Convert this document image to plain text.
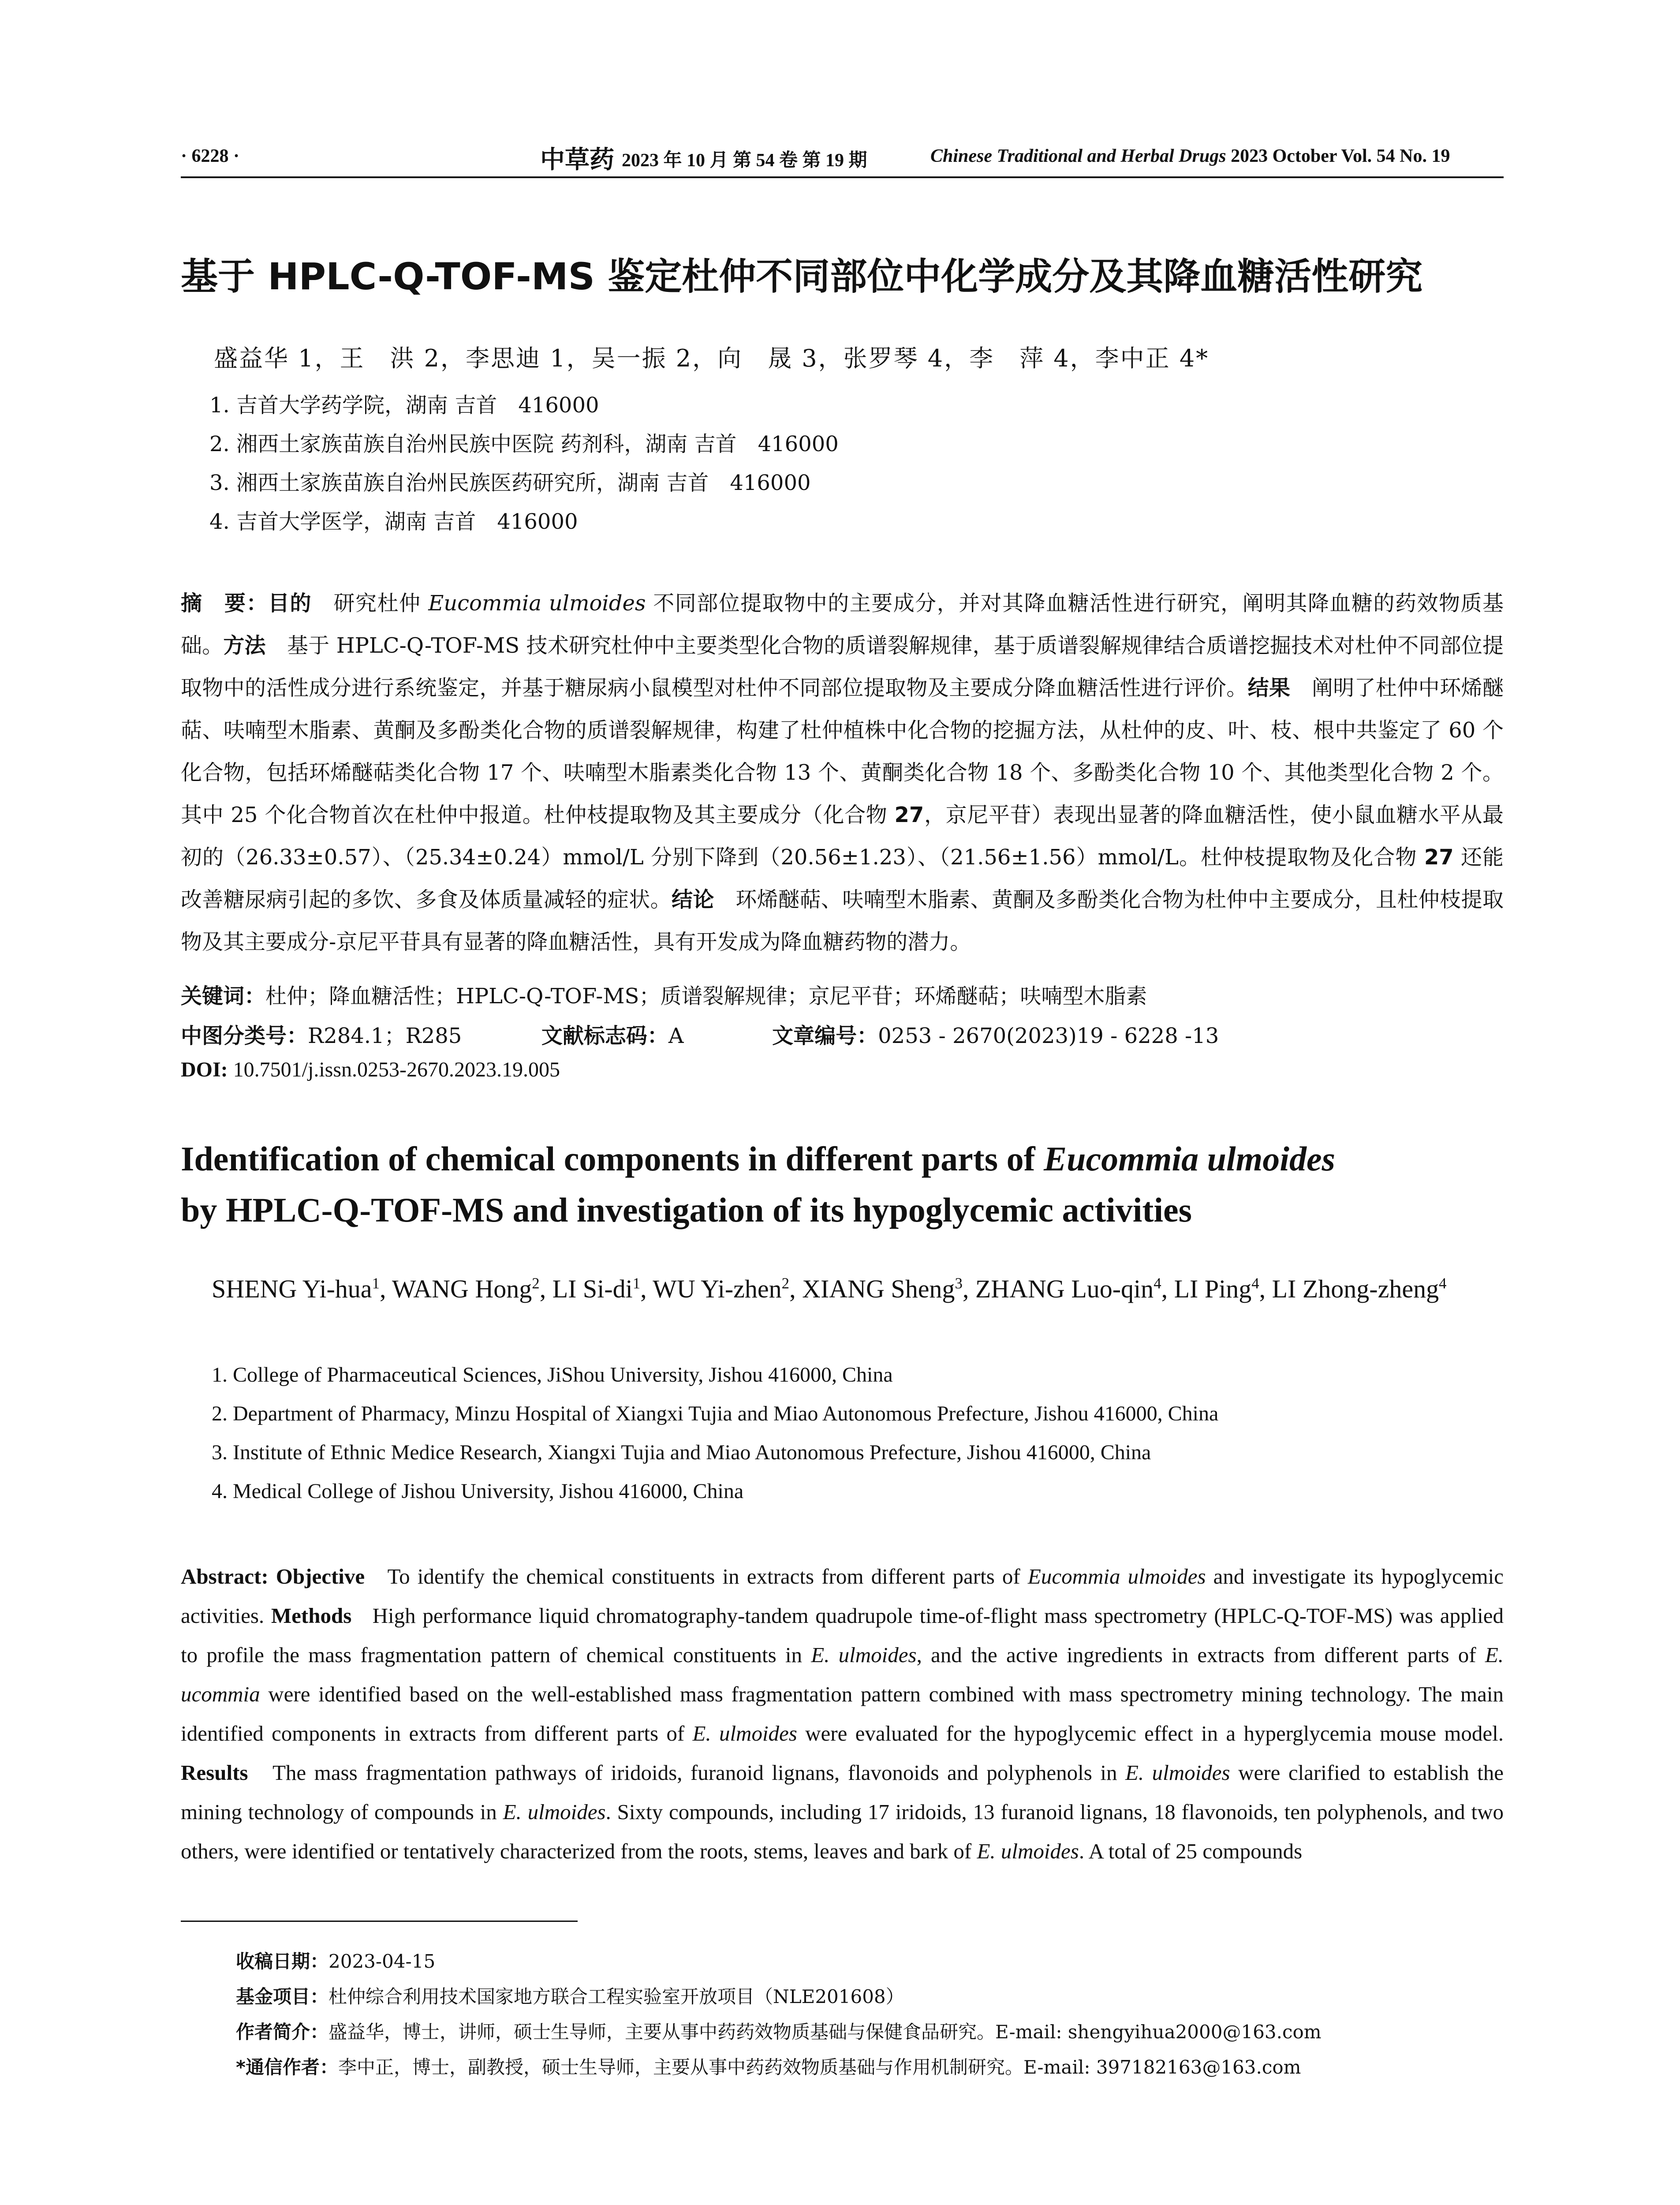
· 6228 ·	中草药 2023 年 10 月 第 54 卷 第 19 期	Chinese Traditional and Herbal Drugs 2023 October Vol. 54 No. 19
基于 HPLC-Q-TOF-MS 鉴定杜仲不同部位中化学成分及其降血糖活性研究
盛益华 1，王　洪 2，李思迪 1，吴一振 2，向　晟 3，张罗琴 4，李　萍 4，李中正 4*
1. 吉首大学药学院，湖南 吉首　416000
2. 湘西土家族苗族自治州民族中医院 药剂科，湖南 吉首　416000
3. 湘西土家族苗族自治州民族医药研究所，湖南 吉首　416000
4. 吉首大学医学，湖南 吉首　416000
摘　要：目的　 研究杜仲 Eucommia ulmoides 不同部位提取物中的主要成分，并对其降血糖活性进行研究，阐明其降血糖的药效物质基础。方法　 基于 HPLC-Q-TOF-MS 技术研究杜仲中主要类型化合物的质谱裂解规律，基于质谱裂解规律结合质谱挖掘技术对杜仲不同部位提取物中的活性成分进行系统鉴定，并基于糖尿病小鼠模型对杜仲不同部位提取物及主要成分降血糖活性进行评价。结果　 阐明了杜仲中环烯醚萜、呋喃型木脂素、黄酮及多酚类化合物的质谱裂解规律，构建了杜仲植株中化合物的挖掘方法，从杜仲的皮、叶、枝、根中共鉴定了 60 个化合物，包括环烯醚萜类化合物 17 个、呋喃型木脂素类化合物 13 个、黄酮类化合物 18 个、多酚类化合物 10 个、其他类型化合物 2 个。其中 25 个化合物首次在杜仲中报道。杜仲枝提取物及其主要成分（化合物 27，京尼平苷）表现出显著的降血糖活性，使小鼠血糖水平从最初的（26.33±0.57）、（25.34±0.24）mmol/L 分别下降到（20.56±1.23）、（21.56±1.56）mmol/L。杜仲枝提取物及化合物 27 还能改善糖尿病引起的多饮、多食及体质量减轻的症状。结论　 环烯醚萜、呋喃型木脂素、黄酮及多酚类化合物为杜仲中主要成分，且杜仲枝提取物及其主要成分-京尼平苷具有显著的降血糖活性，具有开发成为降血糖药物的潜力。
关键词：杜仲；降血糖活性；HPLC-Q-TOF-MS；质谱裂解规律；京尼平苷；环烯醚萜；呋喃型木脂素
中图分类号：R284.1；R285	文献标志码：A	文章编号：0253 - 2670(2023)19 - 6228 -13
DOI: 10.7501/j.issn.0253-2670.2023.19.005
Identification of chemical components in different parts of Eucommia ulmoides
by HPLC-Q-TOF-MS and investigation of its hypoglycemic activities
SHENG Yi-hua$^1$, WANG Hong$^2$, LI $Si-di^1$, WU Yi-zhen$^2$, XIANG Sheng$^3$, ZHANG Luo-qin$^4$, LI Ping$^4$, LI Zhong-zheng$^4$
1. College of Pharmaceutical Sciences, JiShou University, Jishou 416000, China
2. Department of Pharmacy, Minzu Hospital of Xiangxi Tujia and Miao Autonomous Prefecture, Jishou 416000, China
3. Institute of Ethnic Medice Research, Xiangxi Tujia and Miao Autonomous Prefecture, Jishou 416000, China
4. Medical College of Jishou University, Jishou 416000, China
Abstract: Objective To identify the chemical constituents in extracts from different parts of Eucommia ulmoides and investigate its hypoglycemic activities. Methods High performance liquid chromatography-tandem quadrupole time-of-flight mass spectrometry (HPLC-Q-TOF-MS) was applied to profile the mass fragmentation pattern of chemical constituents in E. ulmoides, and the active ingredients in extracts from different parts of E. ucommia were identified based on the well-established mass fragmentation pattern combined with mass spectrometry mining technology. The main identified components in extracts from different parts of E. ulmoides were evaluated for the hypoglycemic effect in a hyperglycemia mouse model. Results The mass fragmentation pathways of iridoids, furanoid lignans, flavonoids and polyphenols in E. ulmoides were clarified to establish the mining technology of compounds in E. ulmoides. Sixty compounds, including 17 iridoids, 13 furanoid lignans, 18 flavonoids, ten polyphenols, and two others, were identified or tentatively characterized from the roots, stems, leaves and bark of E. ulmoides. A total of 25 compounds
收稿日期：2023-04-15
基金项目：杜仲综合利用技术国家地方联合工程实验室开放项目（NLE201608）
作者简介：盛益华，博士，讲师，硕士生导师，主要从事中药药效物质基础与保健食品研究。E-mail: shengyihua2000@163.com
*通信作者：李中正，博士，副教授，硕士生导师，主要从事中药药效物质基础与作用机制研究。E-mail: 397182163@163.com
